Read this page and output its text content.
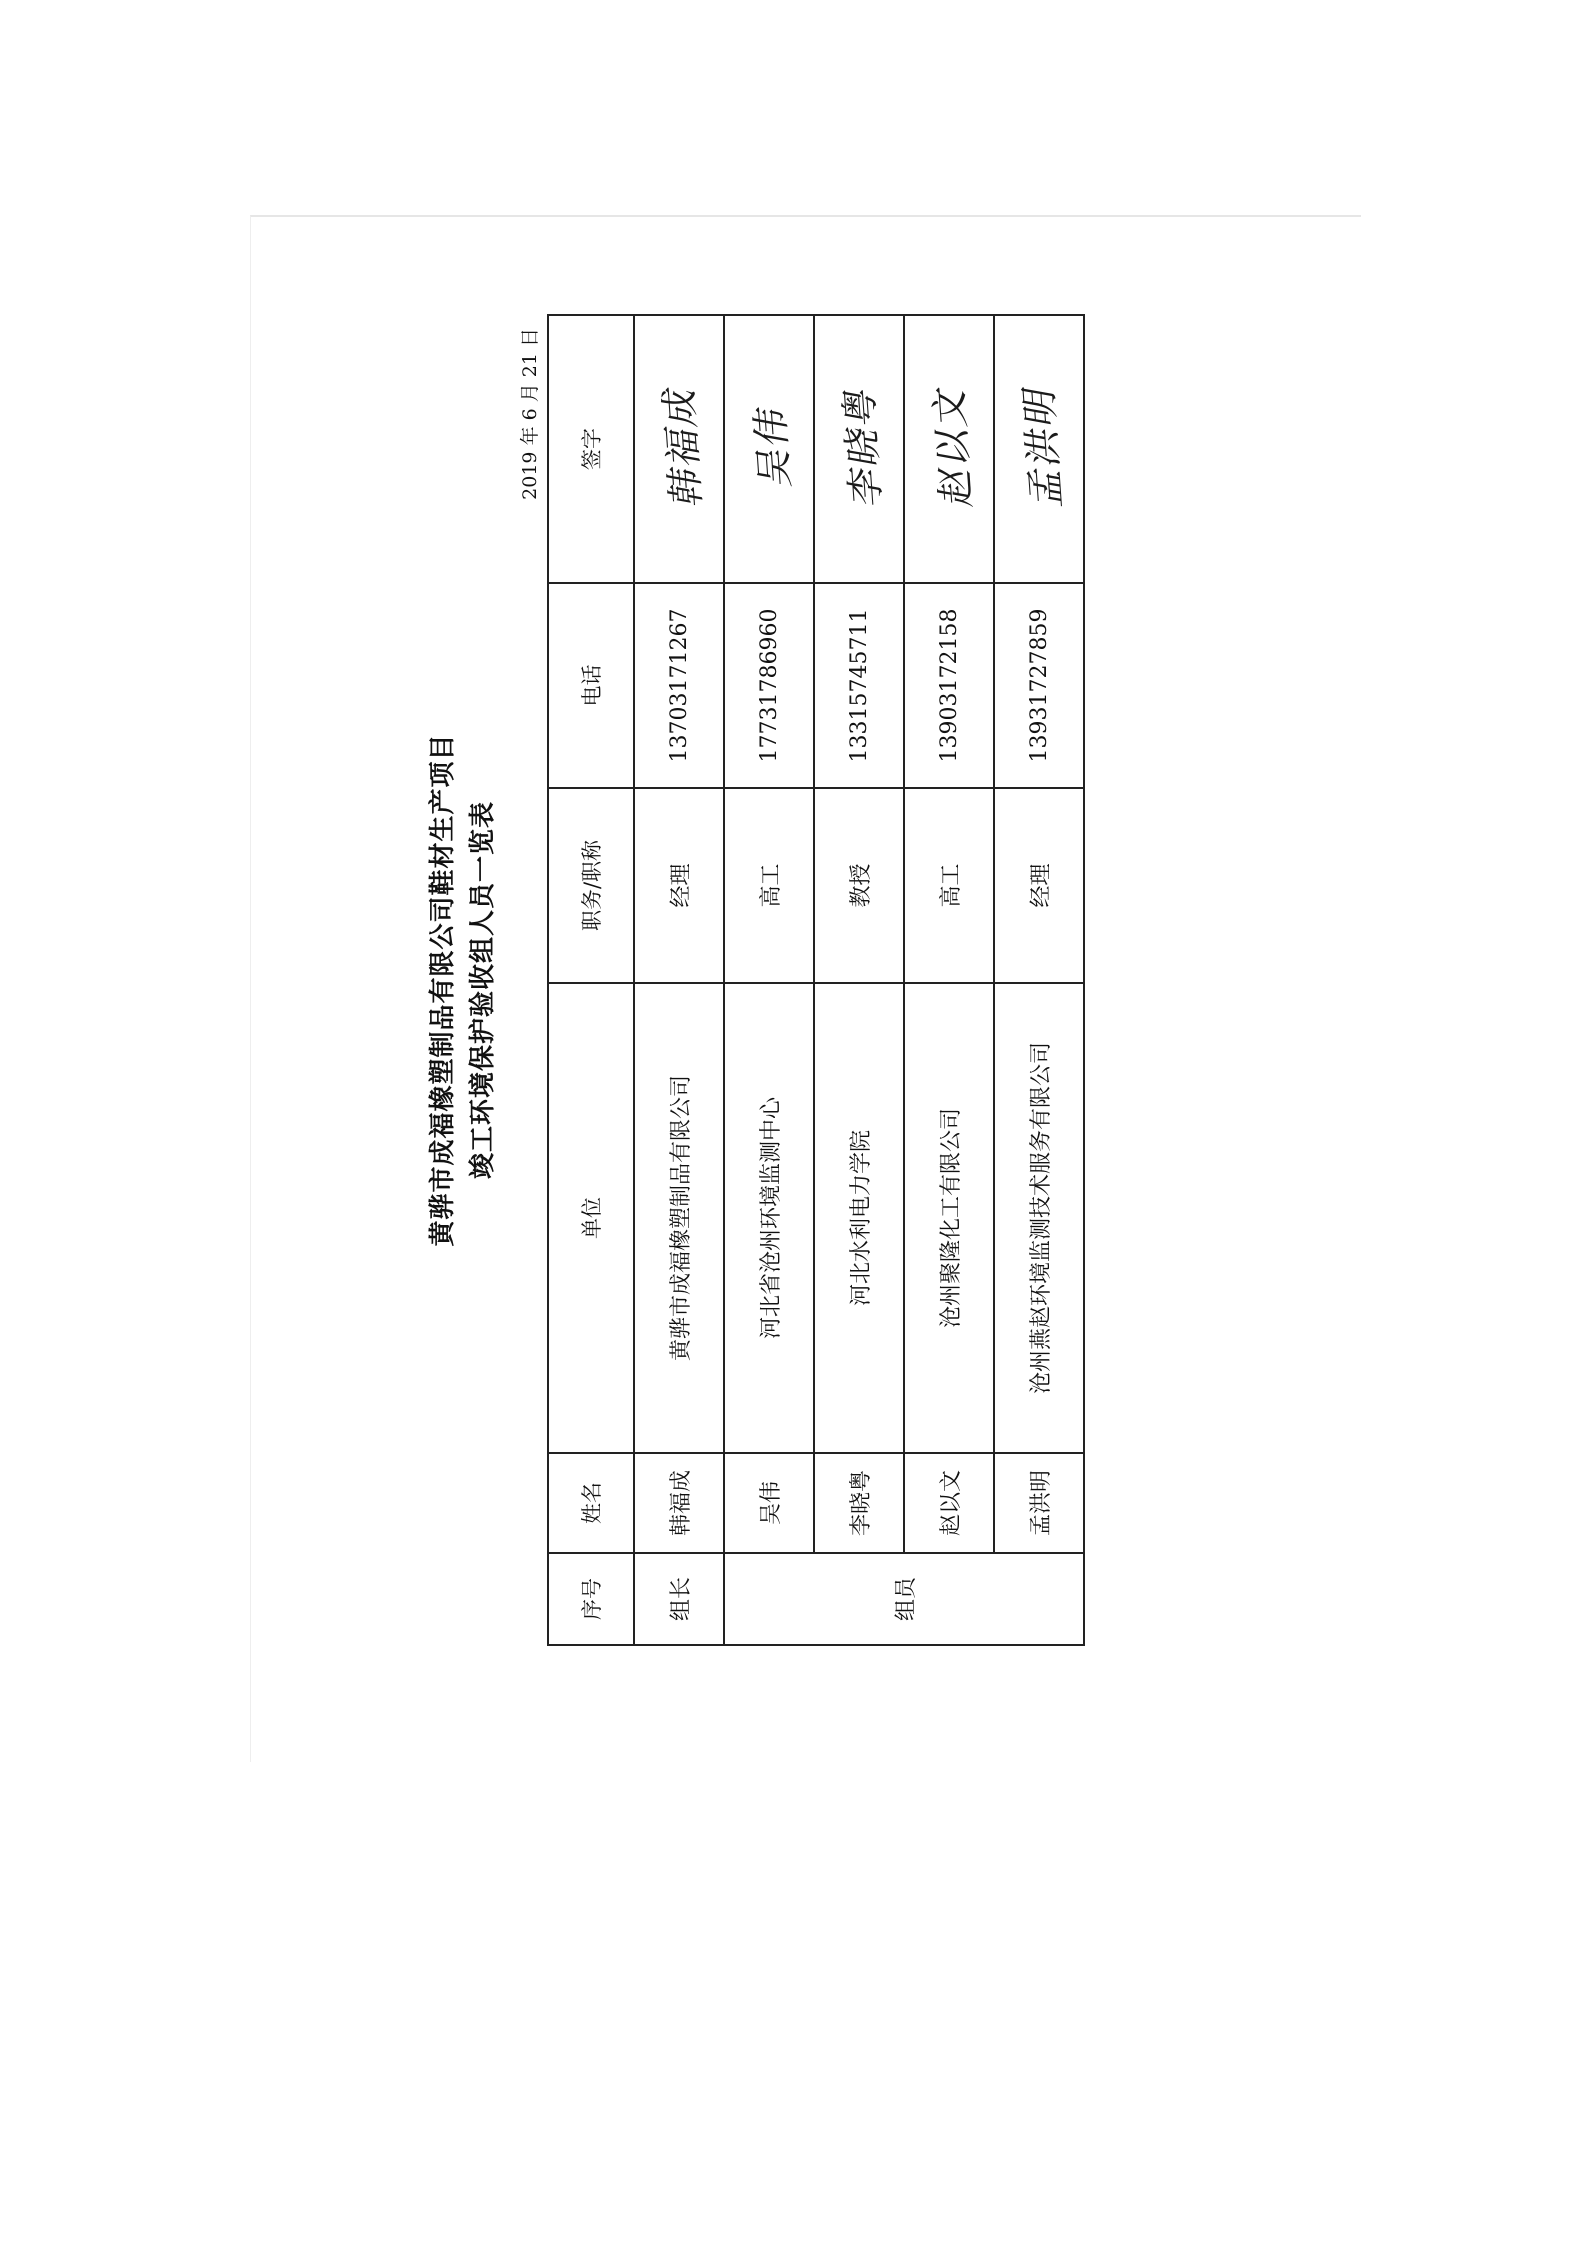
黄骅市成福橡塑制品有限公司鞋材生产项目 竣工环境保护验收组人员一览表
2019 年 6 月 21 日
序号	姓名	单位	职务/职称	电话	签字
组长	韩福成	黄骅市成福橡塑制品有限公司	经理	13703171267	韩福成
组员	吴伟	河北省沧州环境监测中心	高工	17731786960	吴伟
	李晓粤	河北水利电力学院	教授	13315745711	李晓粤
	赵以文	沧州聚隆化工有限公司	高工	13903172158	赵以文
	孟洪明	沧州燕赵环境监测技术服务有限公司	经理	13931727859	孟洪明
